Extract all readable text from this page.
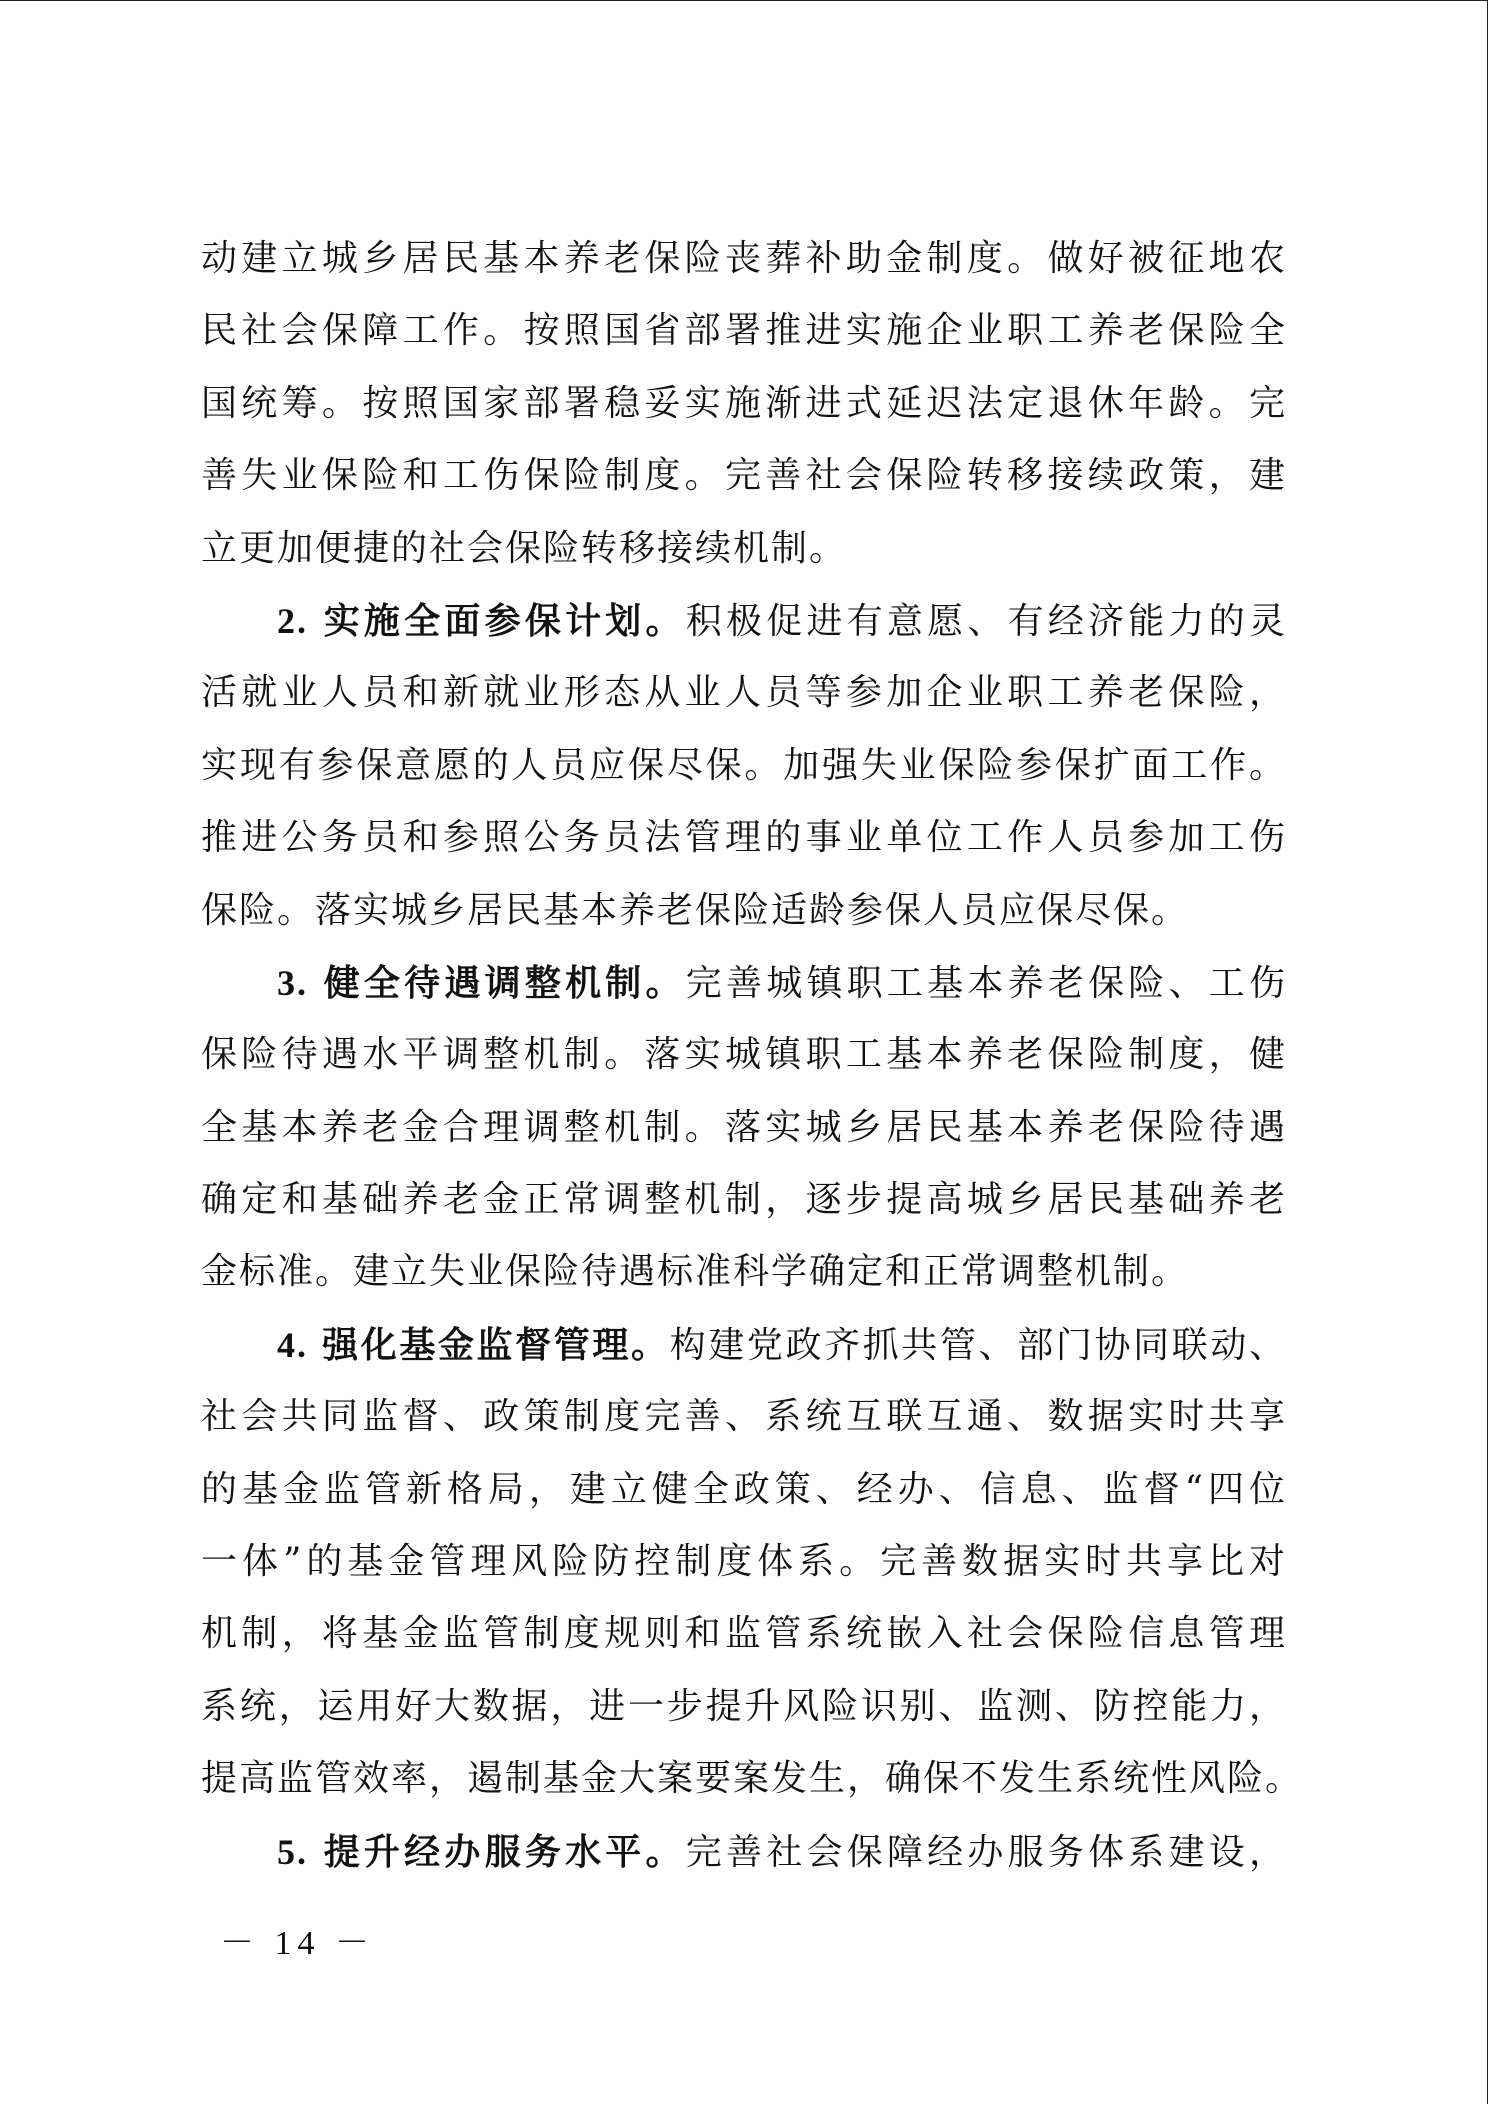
动建立城乡居民基本养老保险丧葬补助金制度。做好被征地农
民社会保障工作。按照国省部署推进实施企业职工养老保险全
国统筹。按照国家部署稳妥实施渐进式延迟法定退休年龄。完
善失业保险和工伤保险制度。完善社会保险转移接续政策，建
立更加便捷的社会保险转移接续机制。
2. 实施全面参保计划。积极促进有意愿、有经济能力的灵
活就业人员和新就业形态从业人员等参加企业职工养老保险，
实现有参保意愿的人员应保尽保。加强失业保险参保扩面工作。
推进公务员和参照公务员法管理的事业单位工作人员参加工伤
保险。落实城乡居民基本养老保险适龄参保人员应保尽保。
3. 健全待遇调整机制。完善城镇职工基本养老保险、工伤
保险待遇水平调整机制。落实城镇职工基本养老保险制度，健
全基本养老金合理调整机制。落实城乡居民基本养老保险待遇
确定和基础养老金正常调整机制，逐步提高城乡居民基础养老
金标准。建立失业保险待遇标准科学确定和正常调整机制。
4. 强化基金监督管理。构建党政齐抓共管、部门协同联动、
社会共同监督、政策制度完善、系统互联互通、数据实时共享
的基金监管新格局，建立健全政策、经办、信息、监督“四位
一体”的基金管理风险防控制度体系。完善数据实时共享比对
机制，将基金监管制度规则和监管系统嵌入社会保险信息管理
系统，运用好大数据，进一步提升风险识别、监测、防控能力，
提高监管效率，遏制基金大案要案发生，确保不发生系统性风险。
5. 提升经办服务水平。完善社会保障经办服务体系建设，
－ 14 －
